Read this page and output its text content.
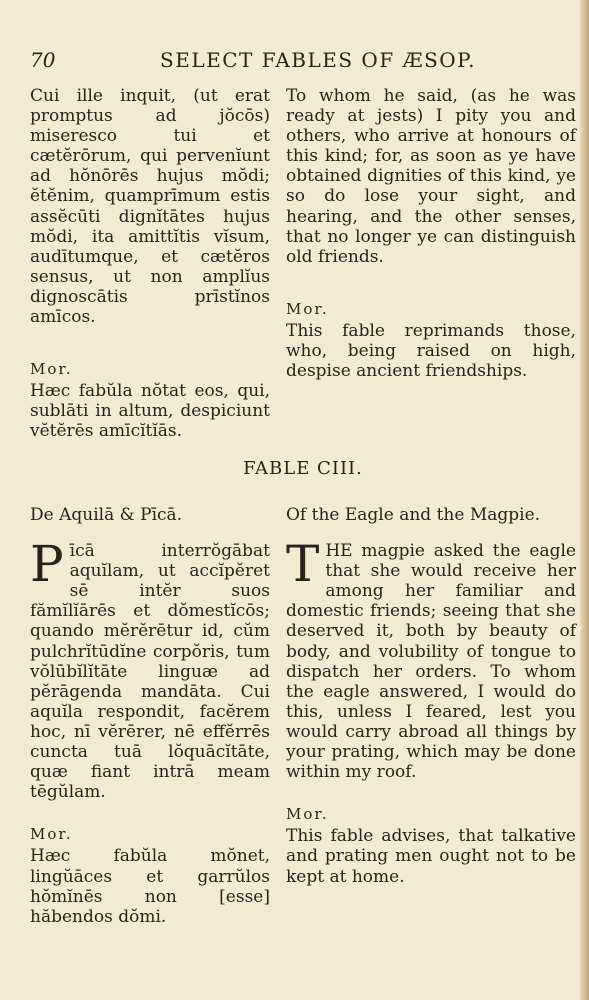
70	SELECT FABLES OF ÆSOP.

Cui ille inquit, (ut erat promptus ad jŏcōs) miseresco tui et cætĕrōrum, qui pervenĭunt ad hŏnōrēs hujus mŏdi; ĕtĕnim, quamprīmum estis assĕcūti dignĭtātes hujus mŏdi, ita amittĭtis vĭsum, audītumque, et cætĕros sensus, ut non amplĭus dignoscātis prīstĭnos amīcos.

Mor.

Hæc fabŭla nŏtat eos, qui, sublāti in altum, despiciunt vĕtĕrēs amīcĭtĭās.

To whom he said, (as he was ready at jests) I pity you and others, who arrive at honours of this kind; for, as soon as ye have obtained dignities of this kind, ye so do lose your sight, and hearing, and the other senses, that no longer ye can distinguish old friends.

Mor.

This fable reprimands those, who, being raised on high, despise ancient friendships.

FABLE CIII.

De Aquilā & Pīcā.

Pīcā interrŏgābat aquĭlam, ut accĭpĕret sē intĕr suos fămĭlĭārēs et dŏmestĭcōs; quando mĕrĕrētur id, cŭm pulchrĭtūdĭne corpŏris, tum vŏlūbĭlĭtāte linguæ ad pĕrāgenda mandāta. Cui aquĭla respondit, facĕrem hoc, nī vĕrērer, nē effĕrrēs cuncta tuā lŏquācĭtāte, quæ fiant intrā meam tēgŭlam.

Mor.

Hæc fabŭla mŏnet, lingŭāces et garrŭlos hŏmĭnēs non [esse] hăbendos dŏmi.

Of the Eagle and the Magpie.

THE magpie asked the eagle that she would receive her among her familiar and domestic friends; seeing that she deserved it, both by beauty of body, and volubility of tongue to dispatch her orders. To whom the eagle answered, I would do this, unless I feared, lest you would carry abroad all things by your prating, which may be done within my roof.

Mor.

This fable advises, that talkative and prating men ought not to be kept at home.
